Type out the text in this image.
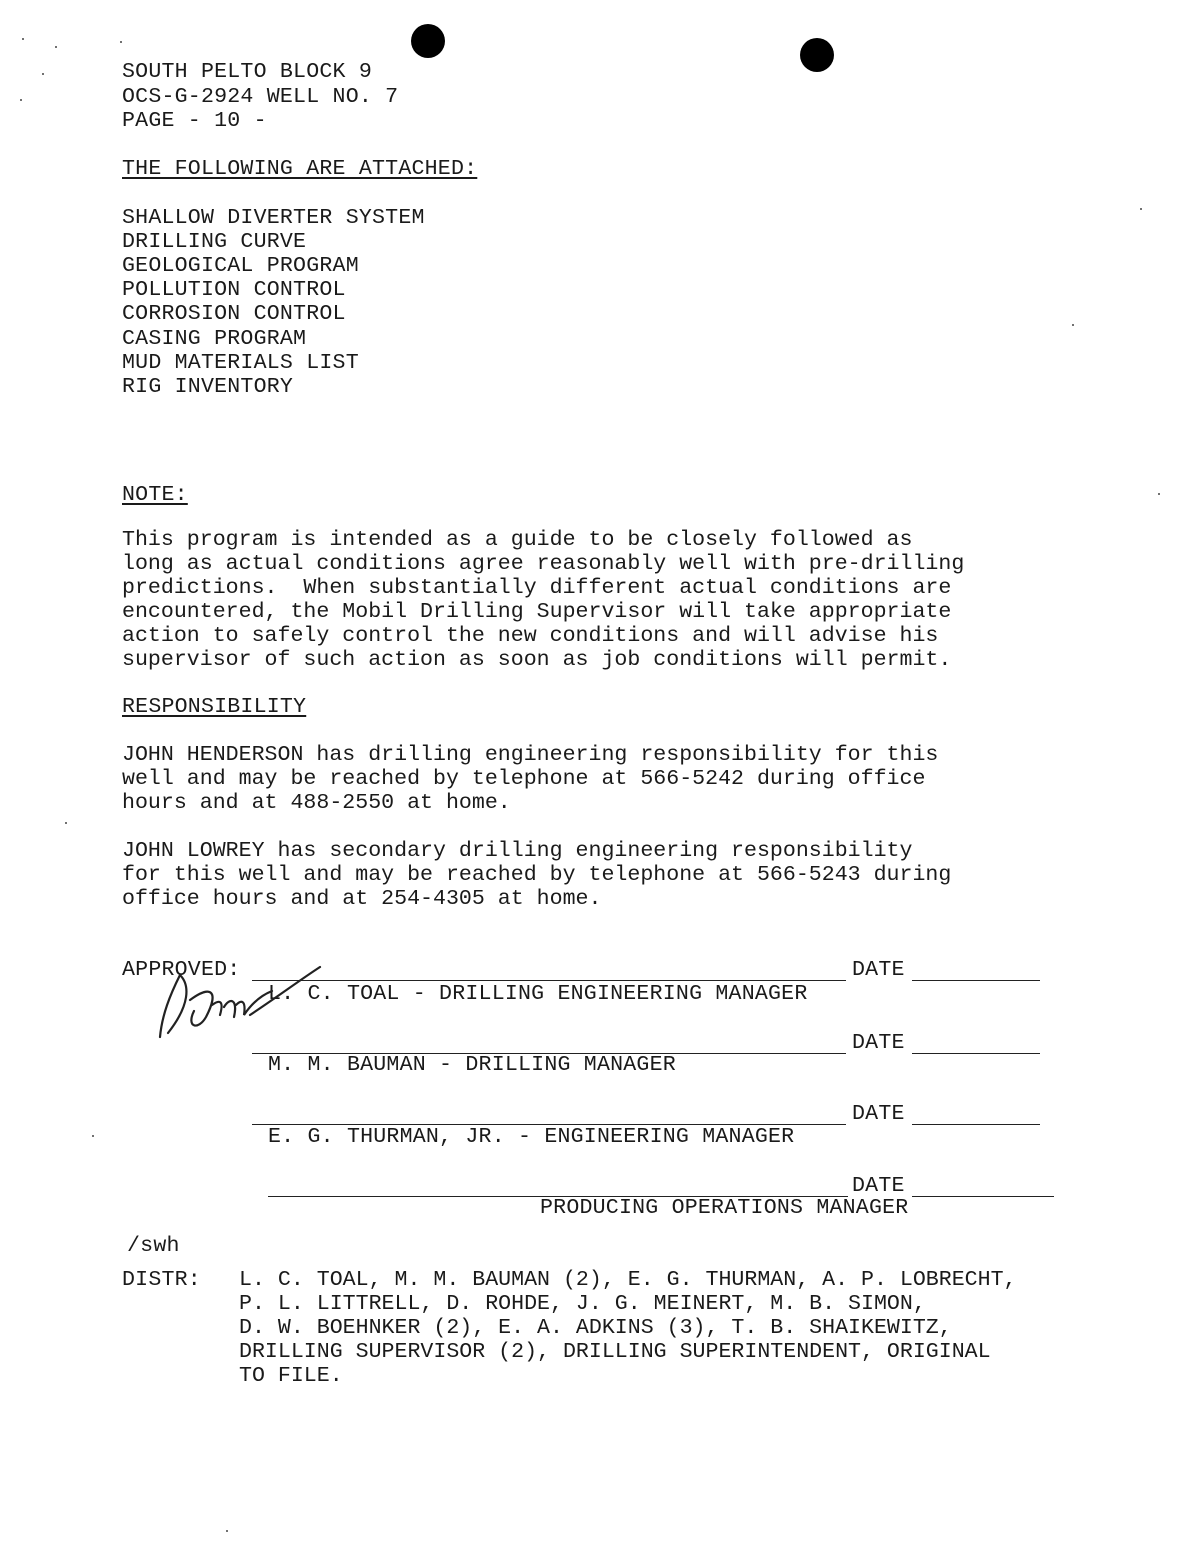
SOUTH PELTO BLOCK 9
OCS-G-2924 WELL NO. 7
PAGE - 10 -
THE FOLLOWING ARE ATTACHED:
SHALLOW DIVERTER SYSTEM
DRILLING CURVE
GEOLOGICAL PROGRAM
POLLUTION CONTROL
CORROSION CONTROL
CASING PROGRAM
MUD MATERIALS LIST
RIG INVENTORY
NOTE:
This program is intended as a guide to be closely followed as
long as actual conditions agree reasonably well with pre-drilling
predictions.  When substantially different actual conditions are
encountered, the Mobil Drilling Supervisor will take appropriate
action to safely control the new conditions and will advise his
supervisor of such action as soon as job conditions will permit.
RESPONSIBILITY
JOHN HENDERSON has drilling engineering responsibility for this
well and may be reached by telephone at 566-5242 during office
hours and at 488-2550 at home.
JOHN LOWREY has secondary drilling engineering responsibility
for this well and may be reached by telephone at 566-5243 during
office hours and at 254-4305 at home.
APPROVED:	DATE
L. C. TOAL - DRILLING ENGINEERING MANAGER
DATE
M. M. BAUMAN - DRILLING MANAGER
DATE
E. G. THURMAN, JR. - ENGINEERING MANAGER
DATE
PRODUCING OPERATIONS MANAGER
/swh
DISTR: L. C. TOAL, M. M. BAUMAN (2), E. G. THURMAN, A. P. LOBRECHT,
P. L. LITTRELL, D. ROHDE, J. G. MEINERT, M. B. SIMON,
D. W. BOEHNKER (2), E. A. ADKINS (3), T. B. SHAIKEWITZ,
DRILLING SUPERVISOR (2), DRILLING SUPERINTENDENT, ORIGINAL
TO FILE.
